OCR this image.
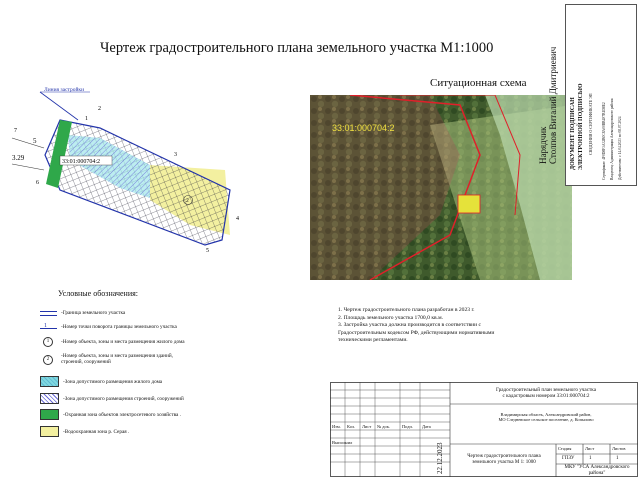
Чертеж градостроительного плана земельного участка М1:1000
Линия застройки
3.29
5
33:01:000704:2
2
1
2
3
4
5
6
7	33:01:000704:2
Ситуационная схема
Нарядчик
Столпов Виталий Дмитриевич
ДОКУМЕНТ ПОДПИСАН ЭЛЕКТРОННОЙ ПОДПИСЬЮ СВЕДЕНИЯ О СЕРТИФИКАТЕ ЭП	Сертификат: 4F0D8F3A32B0C8A00BB4F7B1D8E2 Владелец: Администрация Александровского района Действителен: с 14.04.2023 по 08.07.2024
Условные обозначения:
-Граница земельного участка
1	-Номер точки поворота границы земельного участка
1	-Номер объекта, зоны и места размещения жилого дома
2	-Номер объекта, зоны и места размещения зданий, строений, сооружений
-Зона допустимого размещения жилого дома
-Зона допустимого размещения строений, сооружений
-Охранная зона объектов электросетевого хозяйства .
-Водоохранная зона р. Серая .
1. Чертеж градостроительного плана разработан в 2023 г.
2. Площадь земельного участка 1700,0 кв.м.
3. Застройка участка должна производится в соответствии с
Градостроительным кодексом РФ, действующими нормативными
техническими регламентами.
Изм.	Кол.	Лист	№ док.	Подп.	Дата
Выполнил
Градостроительный план земельного участка
с кадастровым номером 33:01:000704:2
Владимирская область, Александровский район,
МО Следневское сельское поселение, д. Копылово
22.12.2023	Стадия	Лист	Листов
ГПЗУ	1	1
Чертеж градостроительного плана
земельного участка М 1: 1000
МКУ "УСА Александровского
района"
